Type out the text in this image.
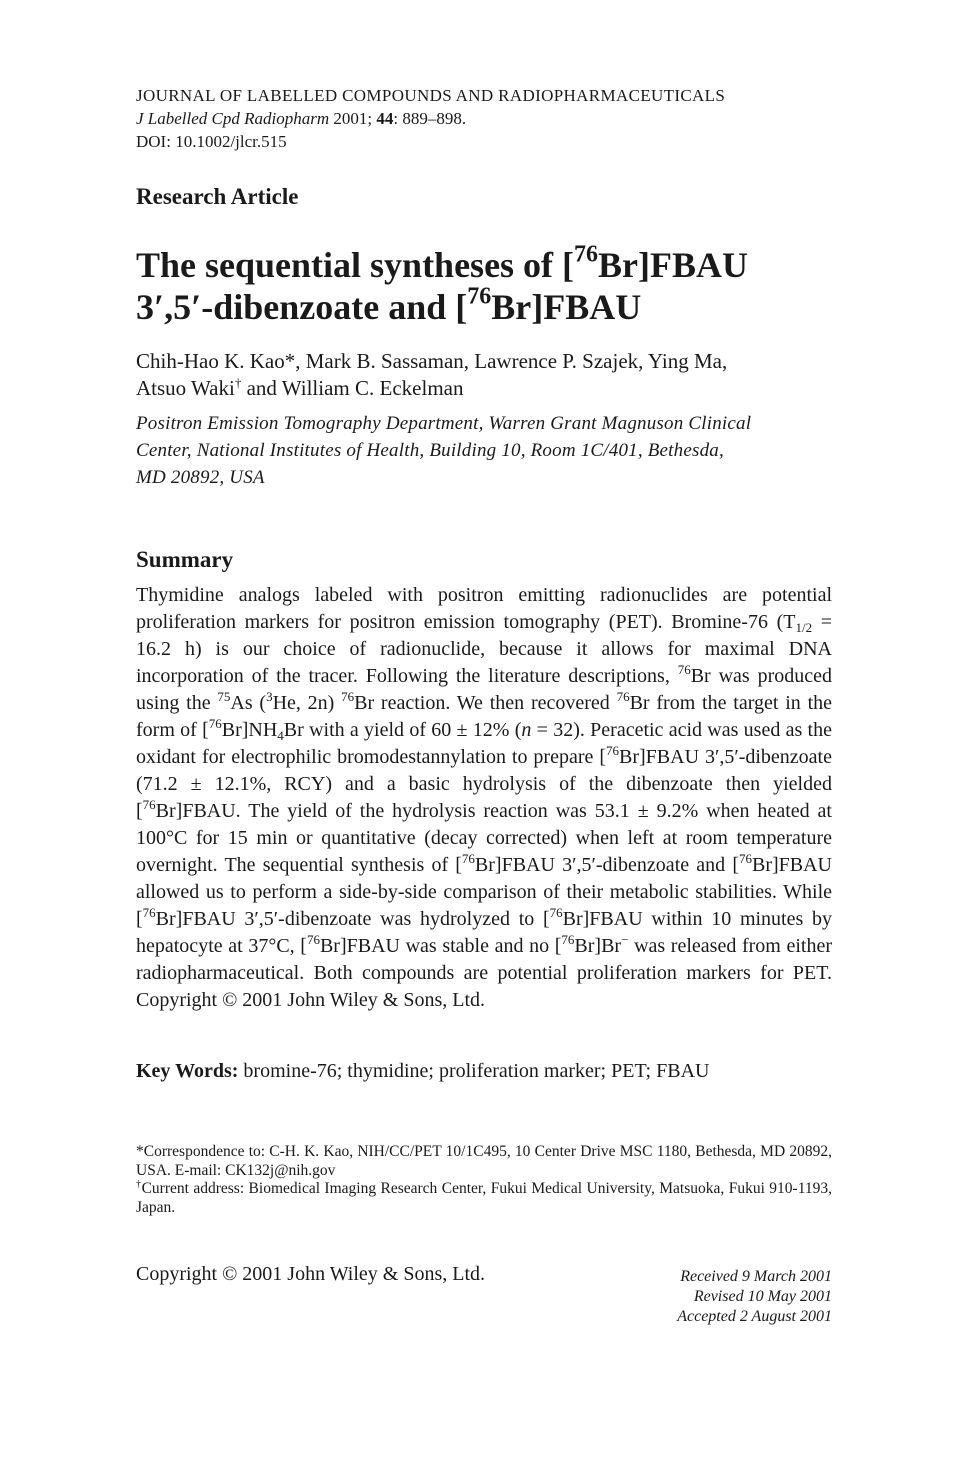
JOURNAL OF LABELLED COMPOUNDS AND RADIOPHARMACEUTICALS
J Labelled Cpd Radiopharm 2001; 44: 889–898.
DOI: 10.1002/jlcr.515
Research Article
The sequential syntheses of [$^{76}$Br]FBAU
3′,5′-dibenzoate and [$^{76}$Br]FBAU
Chih-Hao K. Kao*, Mark B. Sassaman, Lawrence P. Szajek, Ying Ma,
Atsuo Waki† and William C. Eckelman
Positron Emission Tomography Department, Warren Grant Magnuson Clinical
Center, National Institutes of Health, Building 10, Room 1C/401, Bethesda,
MD 20892, USA
Summary
Thymidine analogs labeled with positron emitting radionuclides are potential proliferation markers for positron emission tomography (PET). Bromine-76 ($T_{1/2} = 16.2$ h) is our choice of radionuclide, because it allows for maximal DNA incorporation of the tracer. Following the literature descriptions, $^{76}$Br was produced using the $^{75}$As ($^3$He, 2n) $^{76}$Br reaction. We then recovered $^{76}$Br from the target in the form of $[^{76}Br]NH_4Br$ with a yield of 60 ± 12% (n = 32). Peracetic acid was used as the oxidant for electrophilic bromodestannylation to prepare [$^{76}$Br]FBAU 3′,5′-dibenzoate (71.2 ± 12.1%, RCY) and a basic hydrolysis of the dibenzoate then yielded [$^{76}$Br]FBAU. The yield of the hydrolysis reaction was 53.1 ± 9.2% when heated at 100°C for 15 min or quantitative (decay corrected) when left at room temperature overnight. The sequential synthesis of [$^{76}$Br]FBAU 3′,5′-dibenzoate and [$^{76}$Br]FBAU allowed us to perform a side-by-side comparison of their metabolic stabilities. While [$^{76}$Br]FBAU 3′,5′-dibenzoate was hydrolyzed to [$^{76}$Br]FBAU within 10 minutes by hepatocyte at 37°C, [$^{76}$Br]FBAU was stable and no [$^{76}$Br]Br− was released from either radiopharmaceutical. Both compounds are potential proliferation markers for PET. Copyright © 2001 John Wiley & Sons, Ltd.
Key Words: bromine-76; thymidine; proliferation marker; PET; FBAU
*Correspondence to: C-H. K. Kao, NIH/CC/PET 10/1C495, 10 Center Drive MSC 1180, Bethesda, MD 20892, USA. E-mail: CK132j@nih.gov
†Current address: Biomedical Imaging Research Center, Fukui Medical University, Matsuoka, Fukui 910-1193, Japan.
Copyright © 2001 John Wiley & Sons, Ltd.	Received 9 March 2001
Revised 10 May 2001
Accepted 2 August 2001
